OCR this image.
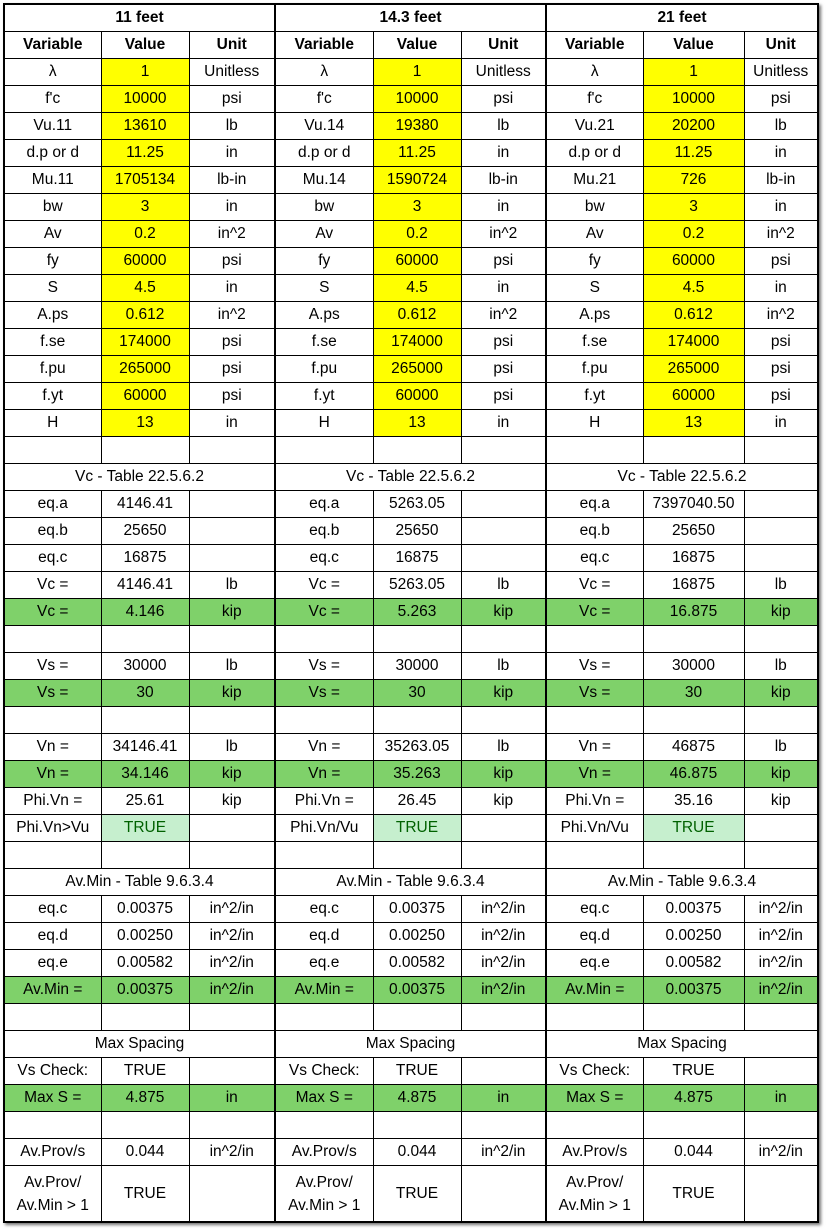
11 feet			14.3 feet			21 feet		
Variable	Value	Unit	Variable	Value	Unit	Variable	Value	Unit
λ	1	Unitless	λ	1	Unitless	λ	1	Unitless
f'c	10000	psi	f'c	10000	psi	f'c	10000	psi
Vu.11	13610	lb	Vu.14	19380	lb	Vu.21	20200	lb
d.p or d	11.25	in	d.p or d	11.25	in	d.p or d	11.25	in
Mu.11	1705134	lb-in	Mu.14	1590724	lb-in	Mu.21	726	lb-in
bw	3	in	bw	3	in	bw	3	in
Av	0.2	in^2	Av	0.2	in^2	Av	0.2	in^2
fy	60000	psi	fy	60000	psi	fy	60000	psi
S	4.5	in	S	4.5	in	S	4.5	in
A.ps	0.612	in^2	A.ps	0.612	in^2	A.ps	0.612	in^2
f.se	174000	psi	f.se	174000	psi	f.se	174000	psi
f.pu	265000	psi	f.pu	265000	psi	f.pu	265000	psi
f.yt	60000	psi	f.yt	60000	psi	f.yt	60000	psi
H	13	in	H	13	in	H	13	in

Vc - Table 22.5.6.2			Vc - Table 22.5.6.2			Vc - Table 22.5.6.2		
eq.a	4146.41		eq.a	5263.05		eq.a	7397040.50	
eq.b	25650		eq.b	25650		eq.b	25650	
eq.c	16875		eq.c	16875		eq.c	16875	
Vc =	4146.41	lb	Vc =	5263.05	lb	Vc =	16875	lb
Vc =	4.146	kip	Vc =	5.263	kip	Vc =	16.875	kip

Vs =	30000	lb	Vs =	30000	lb	Vs =	30000	lb
Vs =	30	kip	Vs =	30	kip	Vs =	30	kip

Vn =	34146.41	lb	Vn =	35263.05	lb	Vn =	46875	lb
Vn =	34.146	kip	Vn =	35.263	kip	Vn =	46.875	kip
Phi.Vn =	25.61	kip	Phi.Vn =	26.45	kip	Phi.Vn =	35.16	kip
Phi.Vn>Vu	TRUE		Phi.Vn/Vu	TRUE		Phi.Vn/Vu	TRUE	

Av.Min - Table 9.6.3.4			Av.Min - Table 9.6.3.4			Av.Min - Table 9.6.3.4		
eq.c	0.00375	in^2/in	eq.c	0.00375	in^2/in	eq.c	0.00375	in^2/in
eq.d	0.00250	in^2/in	eq.d	0.00250	in^2/in	eq.d	0.00250	in^2/in
eq.e	0.00582	in^2/in	eq.e	0.00582	in^2/in	eq.e	0.00582	in^2/in
Av.Min =	0.00375	in^2/in	Av.Min =	0.00375	in^2/in	Av.Min =	0.00375	in^2/in

Max Spacing			Max Spacing			Max Spacing		
Vs Check:	TRUE		Vs Check:	TRUE		Vs Check:	TRUE	
Max S =	4.875	in	Max S =	4.875	in	Max S =	4.875	in

Av.Prov/s	0.044	in^2/in	Av.Prov/s	0.044	in^2/in	Av.Prov/s	0.044	in^2/in
Av.Prov/ Av.Min > 1	TRUE		Av.Prov/ Av.Min > 1	TRUE		Av.Prov/ Av.Min > 1	TRUE	
